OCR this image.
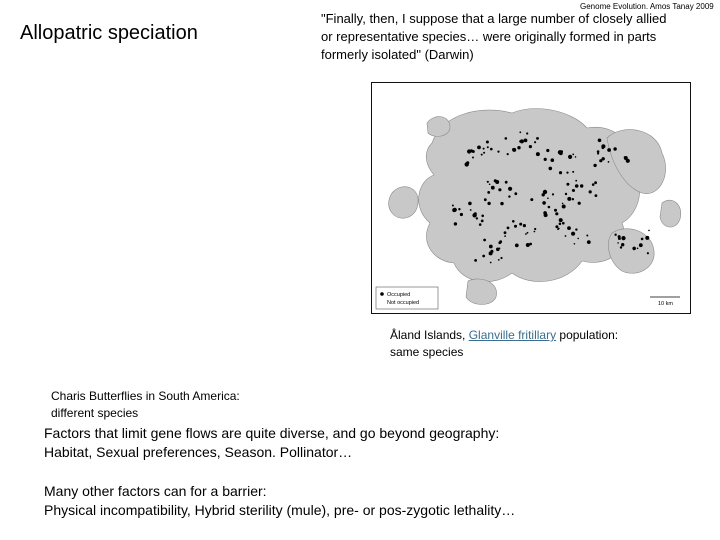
Genome Evolution. Amos Tanay 2009
Allopatric speciation
"Finally, then, I suppose that a large number of closely allied
or representative species… were originally formed in parts
formerly isolated" (Darwin)
Occupied
Not occupied	10 km
Åland Islands, Glanville fritillary population:
same species
Charis Butterflies in South America:
different species
Factors that limit gene flows are quite diverse, and go beyond geography:
Habitat, Sexual preferences, Season. Pollinator…
Many other factors can for a barrier:
Physical incompatibility, Hybrid sterility (mule), pre- or pos-zygotic lethality…
